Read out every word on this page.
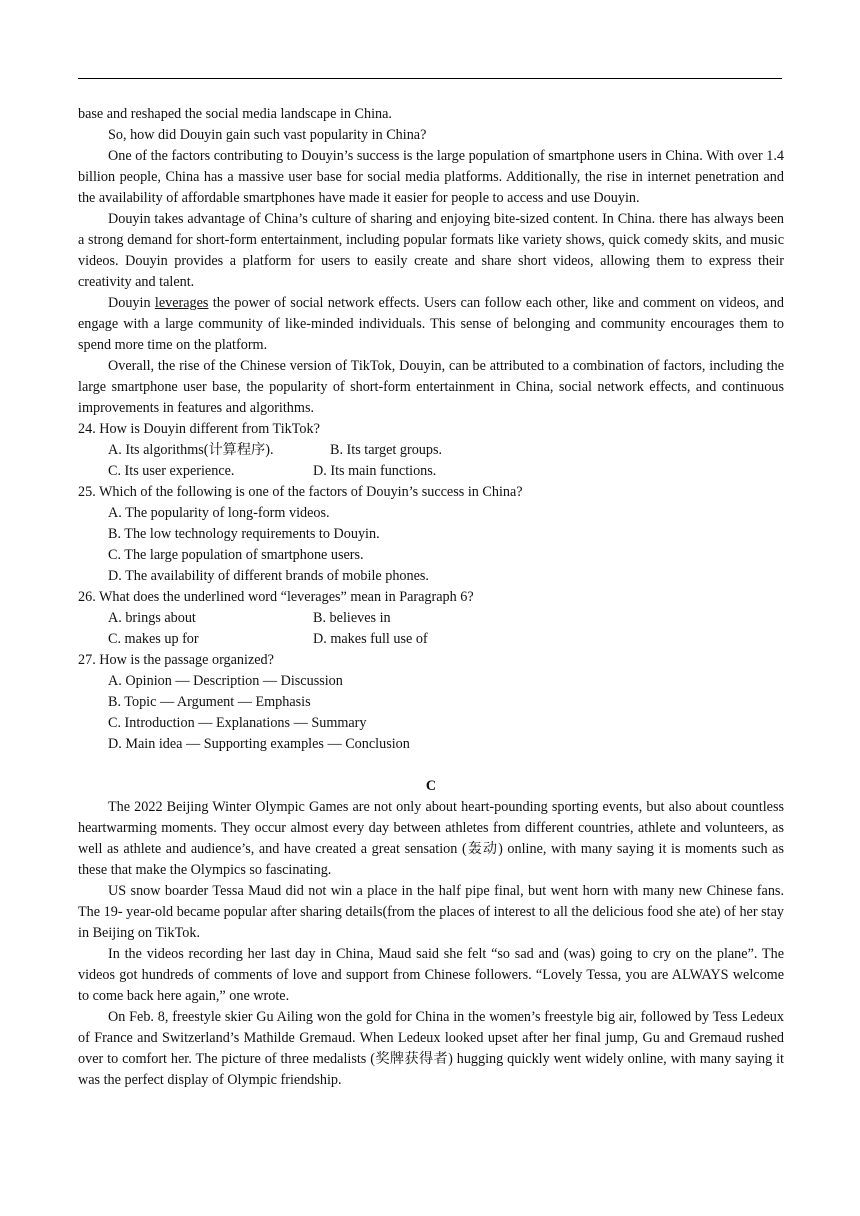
base and reshaped the social media landscape in China.

So, how did Douyin gain such vast popularity in China?

One of the factors contributing to Douyin’s success is the large population of smartphone users in China. With over 1.4 billion people, China has a massive user base for social media platforms. Additionally, the rise in internet penetration and the availability of affordable smartphones have made it easier for people to access and use Douyin.

Douyin takes advantage of China’s culture of sharing and enjoying bite-sized content. In China. there has always been a strong demand for short-form entertainment, including popular formats like variety shows, quick comedy skits, and music videos. Douyin provides a platform for users to easily create and share short videos, allowing them to express their creativity and talent.

Douyin leverages the power of social network effects. Users can follow each other, like and comment on videos, and engage with a large community of like-minded individuals. This sense of belonging and community encourages them to spend more time on the platform.

Overall, the rise of the Chinese version of TikTok, Douyin, can be attributed to a combination of factors, including the large smartphone user base, the popularity of short-form entertainment in China, social network effects, and continuous improvements in features and algorithms.

24. How is Douyin different from TikTok?
A. Its algorithms(计算程序).	B. Its target groups.
C. Its user experience.	D. Its main functions.
25. Which of the following is one of the factors of Douyin’s success in China?
A. The popularity of long-form videos.
B. The low technology requirements to Douyin.
C. The large population of smartphone users.
D. The availability of different brands of mobile phones.
26. What does the underlined word “leverages” mean in Paragraph 6?
A. brings about	B. believes in
C. makes up for	D. makes full use of
27. How is the passage organized?
A. Opinion — Description — Discussion
B. Topic — Argument — Emphasis
C. Introduction — Explanations — Summary
D. Main idea — Supporting examples — Conclusion
C

The 2022 Beijing Winter Olympic Games are not only about heart-pounding sporting events, but also about countless heartwarming moments. They occur almost every day between athletes from different countries, athlete and volunteers, as well as athlete and audience’s, and have created a great sensation (轰动) online, with many saying it is moments such as these that make the Olympics so fascinating.

US snow boarder Tessa Maud did not win a place in the half pipe final, but went horn with many new Chinese fans. The 19- year-old became popular after sharing details(from the places of interest to all the delicious food she ate) of her stay in Beijing on TikTok.

In the videos recording her last day in China, Maud said she felt “so sad and (was) going to cry on the plane”. The videos got hundreds of comments of love and support from Chinese followers. “Lovely Tessa, you are ALWAYS welcome to come back here again,” one wrote.

On Feb. 8, freestyle skier Gu Ailing won the gold for China in the women’s freestyle big air, followed by Tess Ledeux of France and Switzerland’s Mathilde Gremaud. When Ledeux looked upset after her final jump, Gu and Gremaud rushed over to comfort her. The picture of three medalists (奖牌获得者) hugging quickly went widely online, with many saying it was the perfect display of Olympic friendship.
